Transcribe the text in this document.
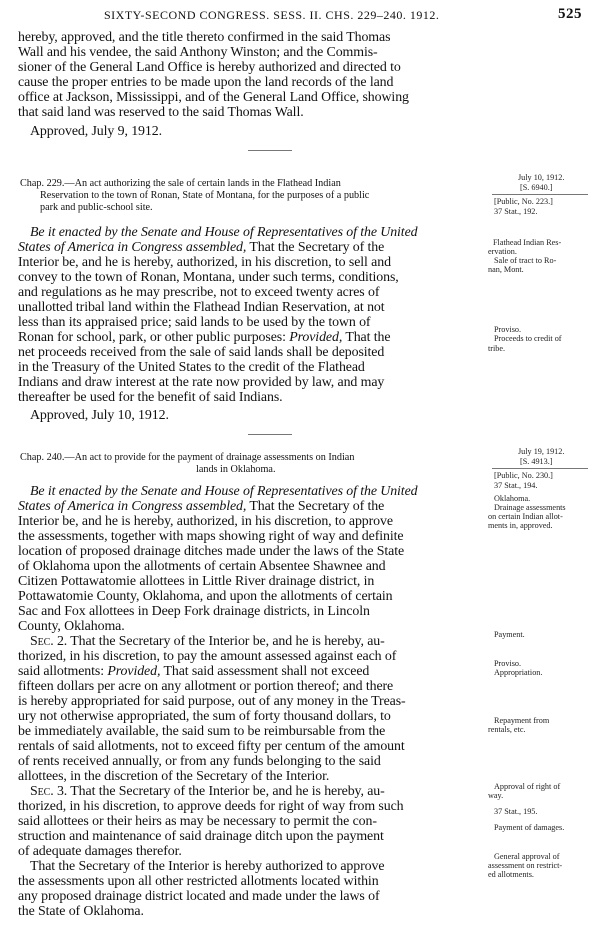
SIXTY-SECOND CONGRESS. SESS. II. CHS. 229–240. 1912.	525
hereby, approved, and the title thereto confirmed in the said Thomas
Wall and his vendee, the said Anthony Winston; and the Commis-
sioner of the General Land Office is hereby authorized and directed to
cause the proper entries to be made upon the land records of the land
office at Jackson, Mississippi, and of the General Land Office, showing
that said land was reserved to the said Thomas Wall.
Approved, July 9, 1912.
Chap. 229.—An act authorizing the sale of certain lands in the Flathead Indian
Reservation to the town of Ronan, State of Montana, for the purposes of a public
park and public-school site.
July 10, 1912.
[S. 6940.]
[Public, No. 223.]
37 Stat., 192.
Be it enacted by the Senate and House of Representatives of the United
States of America in Congress assembled, That the Secretary of the
Interior be, and he is hereby, authorized, in his discretion, to sell and
convey to the town of Ronan, Montana, under such terms, conditions,
and regulations as he may prescribe, not to exceed twenty acres of
unallotted tribal land within the Flathead Indian Reservation, at not
less than its appraised price; said lands to be used by the town of
Ronan for school, park, or other public purposes: Provided, That the
net proceeds received from the sale of said lands shall be deposited
in the Treasury of the United States to the credit of the Flathead
Indians and draw interest at the rate now provided by law, and may
thereafter be used for the benefit of said Indians.
Approved, July 10, 1912.
Flathead Indian Res-
ervation.
Sale of tract to Ro-
nan, Mont.
Proviso.
Proceeds to credit of
tribe.
Chap. 240.—An act to provide for the payment of drainage assessments on Indian
lands in Oklahoma.
July 19, 1912.
[S. 4913.]
[Public, No. 230.]
37 Stat., 194.
Be it enacted by the Senate and House of Representatives of the United
States of America in Congress assembled, That the Secretary of the
Interior be, and he is hereby, authorized, in his discretion, to approve
the assessments, together with maps showing right of way and definite
location of proposed drainage ditches made under the laws of the State
of Oklahoma upon the allotments of certain Absentee Shawnee and
Citizen Pottawatomie allottees in Little River drainage district, in
Pottawatomie County, Oklahoma, and upon the allotments of certain
Sac and Fox allottees in Deep Fork drainage districts, in Lincoln
County, Oklahoma.
Sec. 2. That the Secretary of the Interior be, and he is hereby, au-
thorized, in his discretion, to pay the amount assessed against each of
said allotments: Provided, That said assessment shall not exceed
fifteen dollars per acre on any allotment or portion thereof; and there
is hereby appropriated for said purpose, out of any money in the Treas-
ury not otherwise appropriated, the sum of forty thousand dollars, to
be immediately available, the said sum to be reimbursable from the
rentals of said allotments, not to exceed fifty per centum of the amount
of rents received annually, or from any funds belonging to the said
allottees, in the discretion of the Secretary of the Interior.
Sec. 3. That the Secretary of the Interior be, and he is hereby, au-
thorized, in his discretion, to approve deeds for right of way from such
said allottees or their heirs as may be necessary to permit the con-
struction and maintenance of said drainage ditch upon the payment
of adequate damages therefor.
That the Secretary of the Interior is hereby authorized to approve
the assessments upon all other restricted allotments located within
any proposed drainage district located and made under the laws of
the State of Oklahoma.
Oklahoma.
Drainage assessments
on certain Indian allot-
ments in, approved.
Payment.
Proviso.
Appropriation.
Repayment from
rentals, etc.
Approval of right of
way.
37 Stat., 195.
Payment of damages.
General approval of
assessment on restrict-
ed allotments.
